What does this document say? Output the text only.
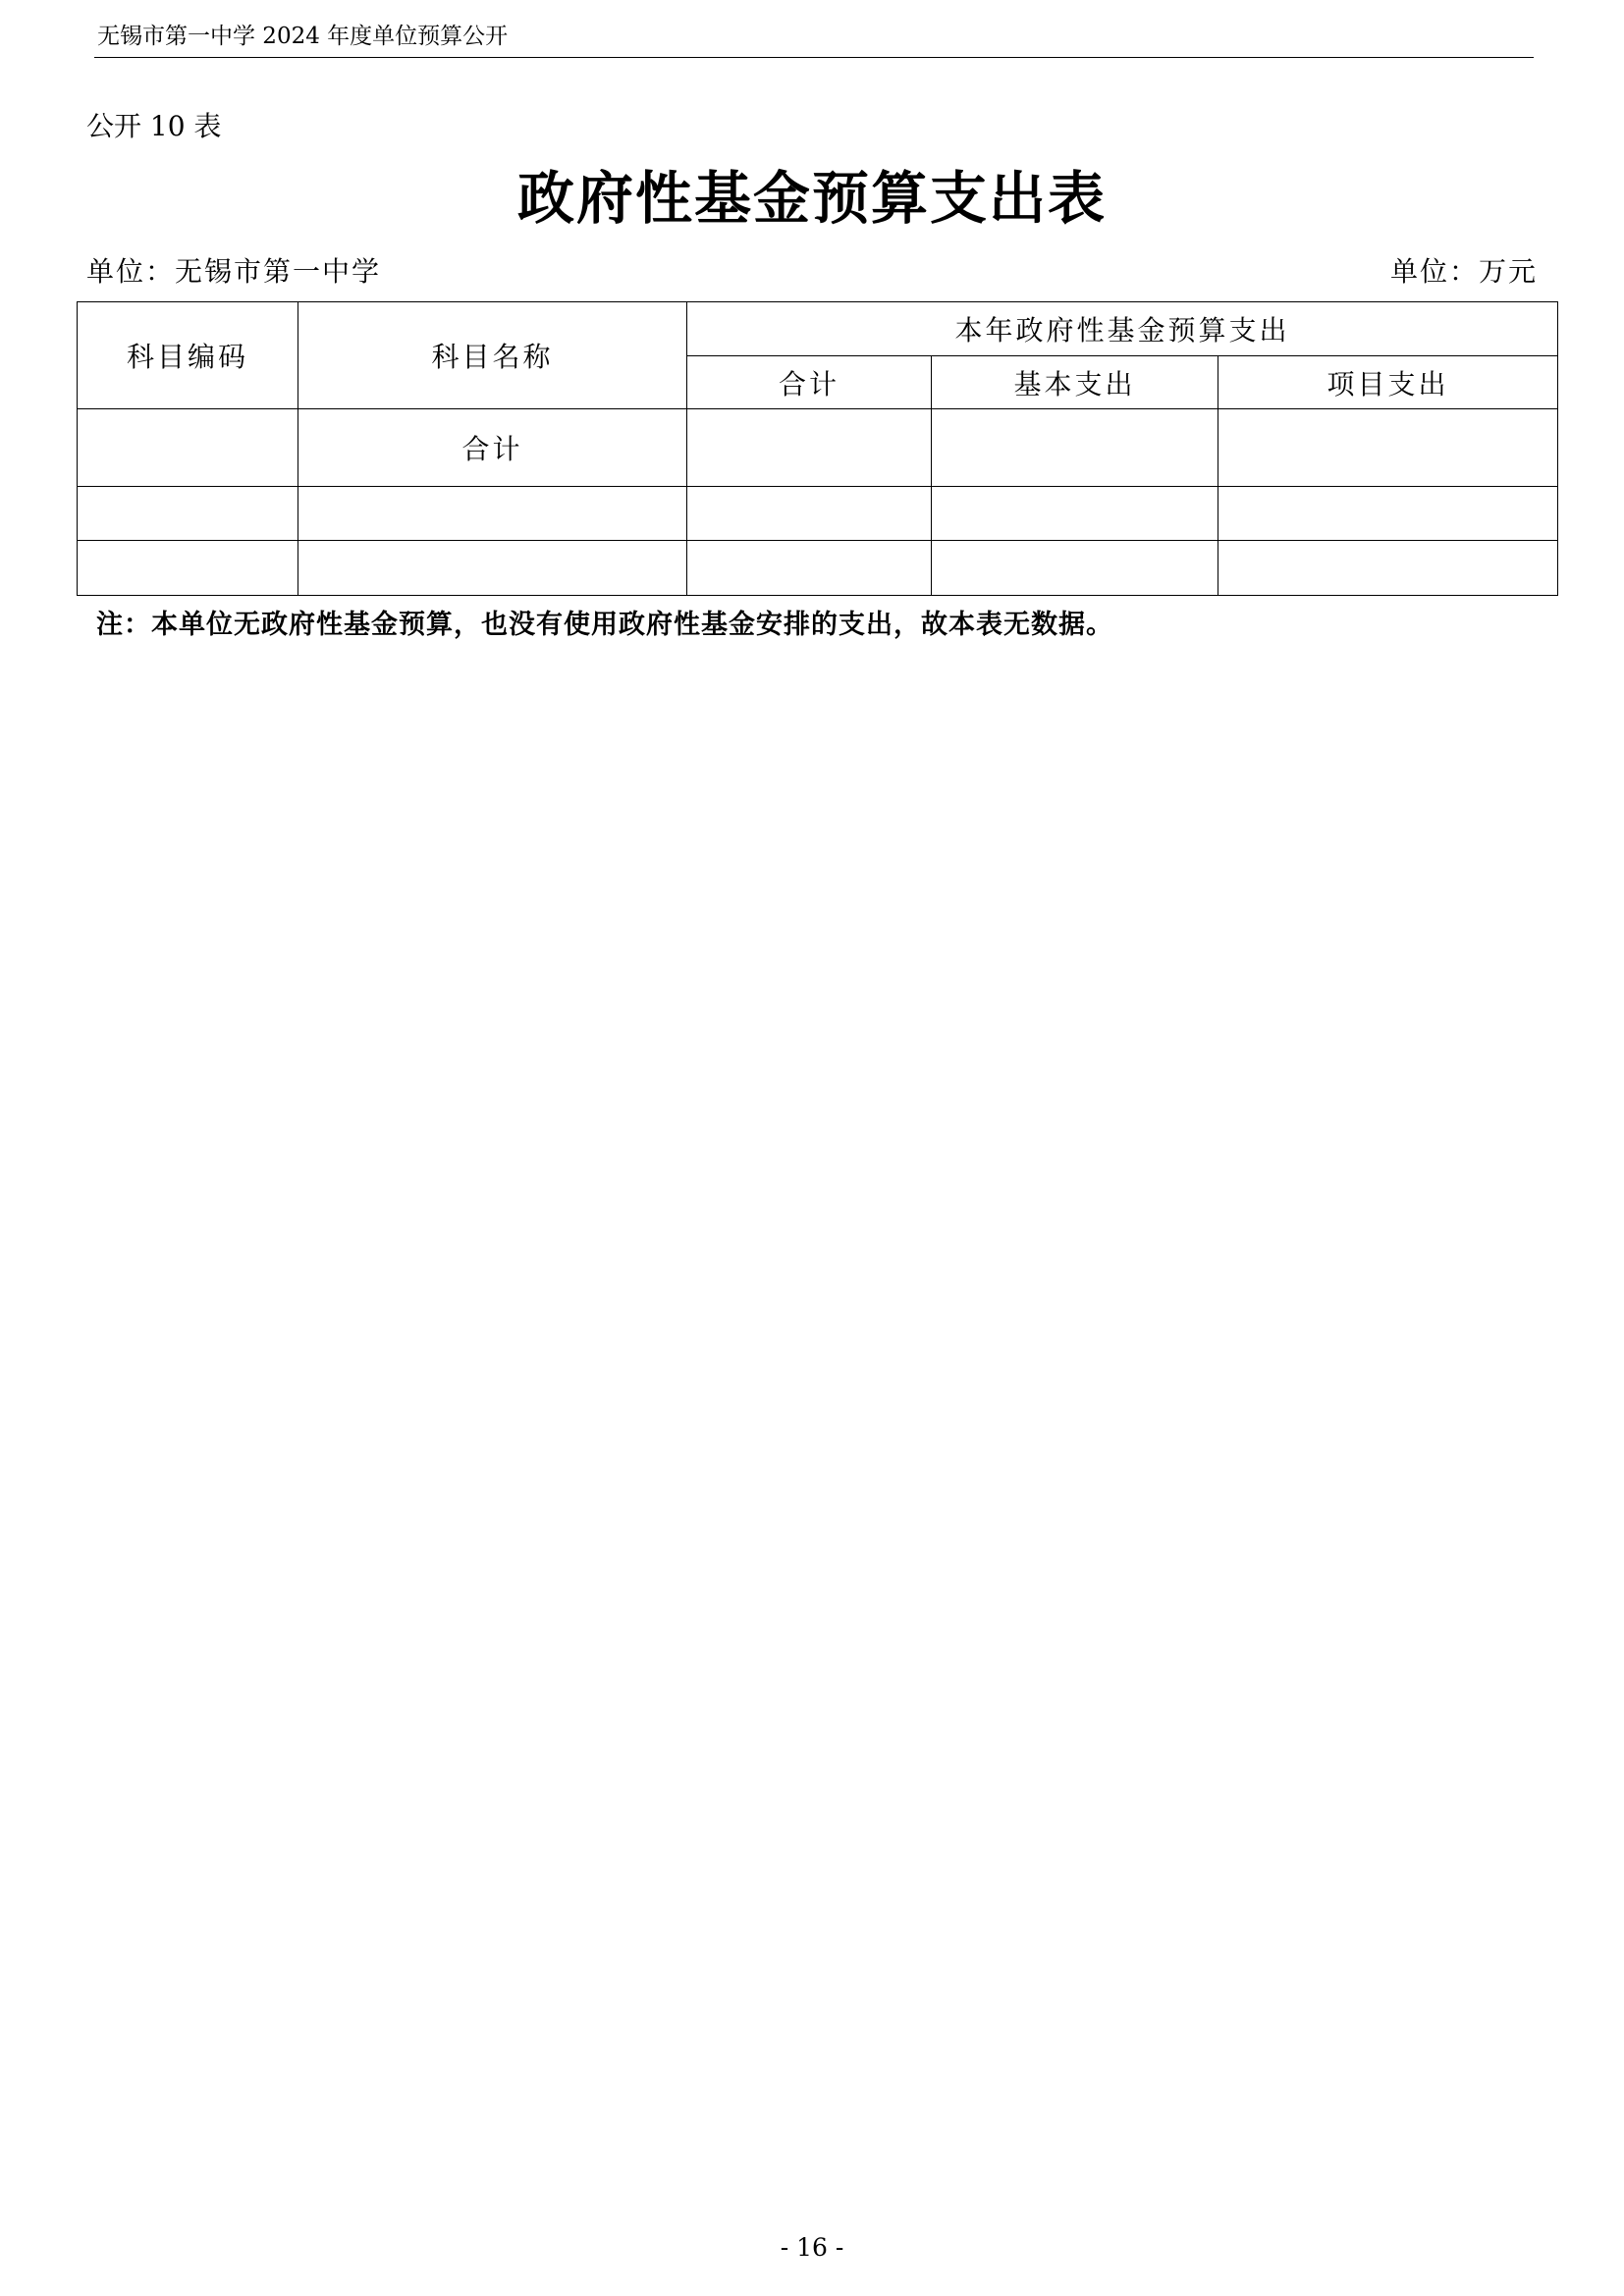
无锡市第一中学 2024 年度单位预算公开
公开 10 表
政府性基金预算支出表
单位：无锡市第一中学	单位：万元
科目编码	科目名称	本年政府性基金预算支出		
		合计	基本支出	项目支出
	合计			

注：本单位无政府性基金预算，也没有使用政府性基金安排的支出，故本表无数据。
- 16 -
